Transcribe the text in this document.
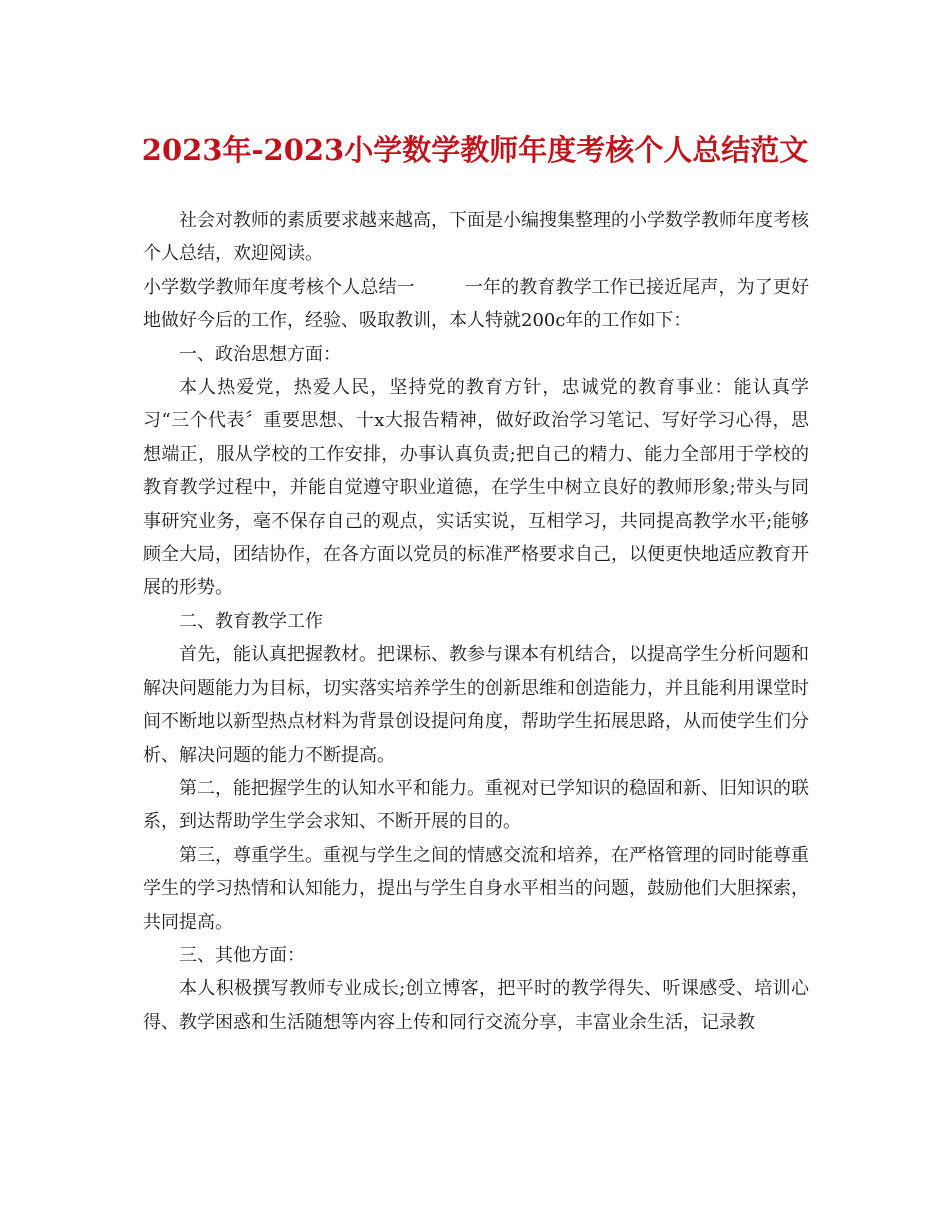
2023年-2023小学数学教师年度考核个人总结范文

社会对教师的素质要求越来越高，下面是小编搜集整理的小学数学教师年度考核个人总结，欢迎阅读。

小学数学教师年度考核个人总结一	一年的教育教学工作已接近尾声，为了更好地做好今后的工作，经验、吸取教训，本人特就200c年的工作如下：

一、政治思想方面：

本人热爱党，热爱人民，坚持党的教育方针，忠诚党的教育事业：能认真学习“三个代表〞重要思想、十x大报告精神，做好政治学习笔记、写好学习心得，思想端正，服从学校的工作安排，办事认真负责;把自己的精力、能力全部用于学校的教育教学过程中，并能自觉遵守职业道德，在学生中树立良好的教师形象;带头与同事研究业务，毫不保存自己的观点，实话实说，互相学习，共同提高教学水平;能够顾全大局，团结协作，在各方面以党员的标准严格要求自己，以便更快地适应教育开展的形势。

二、教育教学工作

首先，能认真把握教材。把课标、教参与课本有机结合，以提高学生分析问题和解决问题能力为目标，切实落实培养学生的创新思维和创造能力，并且能利用课堂时间不断地以新型热点材料为背景创设提问角度，帮助学生拓展思路，从而使学生们分析、解决问题的能力不断提高。

第二，能把握学生的认知水平和能力。重视对已学知识的稳固和新、旧知识的联系，到达帮助学生学会求知、不断开展的目的。

第三，尊重学生。重视与学生之间的情感交流和培养，在严格管理的同时能尊重学生的学习热情和认知能力，提出与学生自身水平相当的问题，鼓励他们大胆探索，共同提高。

三、其他方面：

本人积极撰写教师专业成长;创立博客，把平时的教学得失、听课感受、培训心得、教学困惑和生活随想等内容上传和同行交流分享，丰富业余生活，记录教
